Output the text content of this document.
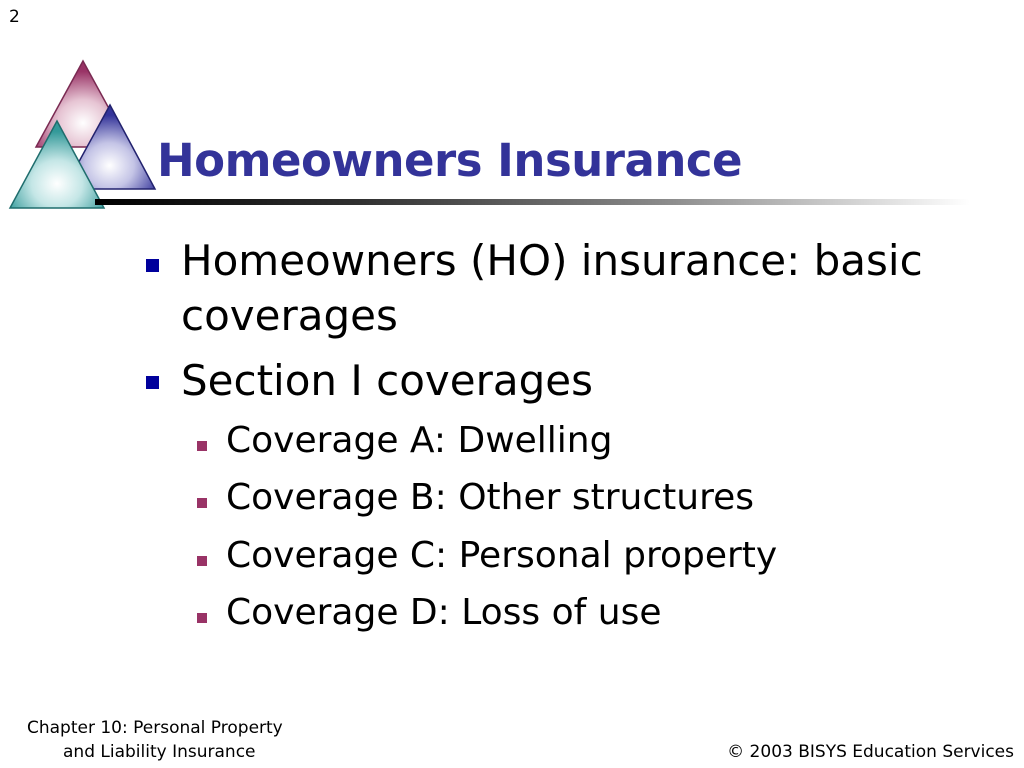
2
Homeowners Insurance
Homeowners (HO) insurance: basic
coverages
Section I coverages
Coverage A: Dwelling
Coverage B: Other structures
Coverage C: Personal property
Coverage D: Loss of use
Chapter 10: Personal Property
and Liability Insurance	© 2003 BISYS Education Services
